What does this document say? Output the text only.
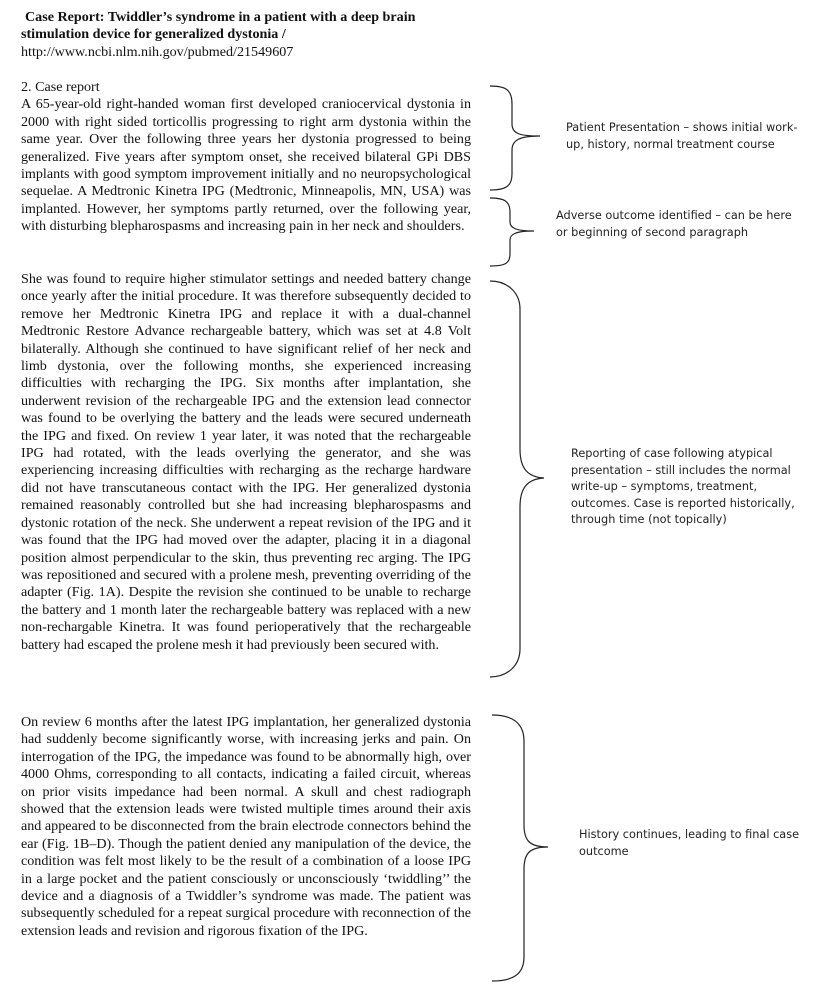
Case Report: Twiddler’s syndrome in a patient with a deep brain
stimulation device for generalized dystonia /
http://www.ncbi.nlm.nih.gov/pubmed/21549607
2. Case report

A 65-year-old right-handed woman first developed craniocervical dystonia in 2000 with right sided torticollis progressing to right arm dystonia within the same year. Over the following three years her dystonia progressed to being generalized. Five years after symptom onset, she received bilateral GPi DBS implants with good symptom improvement initially and no neuropsychological sequelae. A Medtronic Kinetra IPG (Medtronic, Minneapolis, MN, USA) was implanted. However, her symptoms partly returned, over the following year, with disturbing blepharospasms and increasing pain in her neck and shoulders.

She was found to require higher stimulator settings and needed battery change once yearly after the initial procedure. It was therefore subsequently decided to remove her Medtronic Kinetra IPG and replace it with a dual-channel Medtronic Restore Advance rechargeable battery, which was set at 4.8 Volt bilaterally. Although she continued to have significant relief of her neck and limb dystonia, over the following months, she experienced increasing difficulties with recharging the IPG. Six months after implantation, she underwent revision of the rechargeable IPG and the extension lead connector was found to be overlying the battery and the leads were secured underneath the IPG and fixed. On review 1 year later, it was noted that the rechargeable IPG had rotated, with the leads overlying the generator, and she was experiencing increasing difficulties with recharging as the recharge hardware did not have transcutaneous contact with the IPG. Her generalized dystonia remained reasonably controlled but she had increasing blepharospasms and dystonic rotation of the neck. She underwent a repeat revision of the IPG and it was found that the IPG had moved over the adapter, placing it in a diagonal position almost perpendicular to the skin, thus preventing rec arging. The IPG was repositioned and secured with a prolene mesh, preventing overriding of the adapter (Fig. 1A). Despite the revision she continued to be unable to recharge the battery and 1 month later the rechargeable battery was replaced with a new non-rechargable Kinetra. It was found perioperatively that the rechargeable battery had escaped the prolene mesh it had previously been secured with.

On review 6 months after the latest IPG implantation, her generalized dystonia had suddenly become significantly worse, with increasing jerks and pain. On interrogation of the IPG, the impedance was found to be abnormally high, over 4000 Ohms, corresponding to all contacts, indicating a failed circuit, whereas on prior visits impedance had been normal. A skull and chest radiograph showed that the extension leads were twisted multiple times around their axis and appeared to be disconnected from the brain electrode connectors behind the ear (Fig. 1B–D). Though the patient denied any manipulation of the device, the condition was felt most likely to be the result of a combination of a loose IPG in a large pocket and the patient consciously or unconsciously ‘twiddling’’ the device and a diagnosis of a Twiddler’s syndrome was made. The patient was subsequently scheduled for a repeat surgical procedure with reconnection of the extension leads and revision and rigorous fixation of the IPG.

Patient Presentation – shows initial work-up, history, normal treatment course
Adverse outcome identified – can be here or beginning of second paragraph
Reporting of case following atypical presentation – still includes the normal write-up – symptoms, treatment, outcomes. Case is reported historically, through time (not topically)
History continues, leading to final case outcome
